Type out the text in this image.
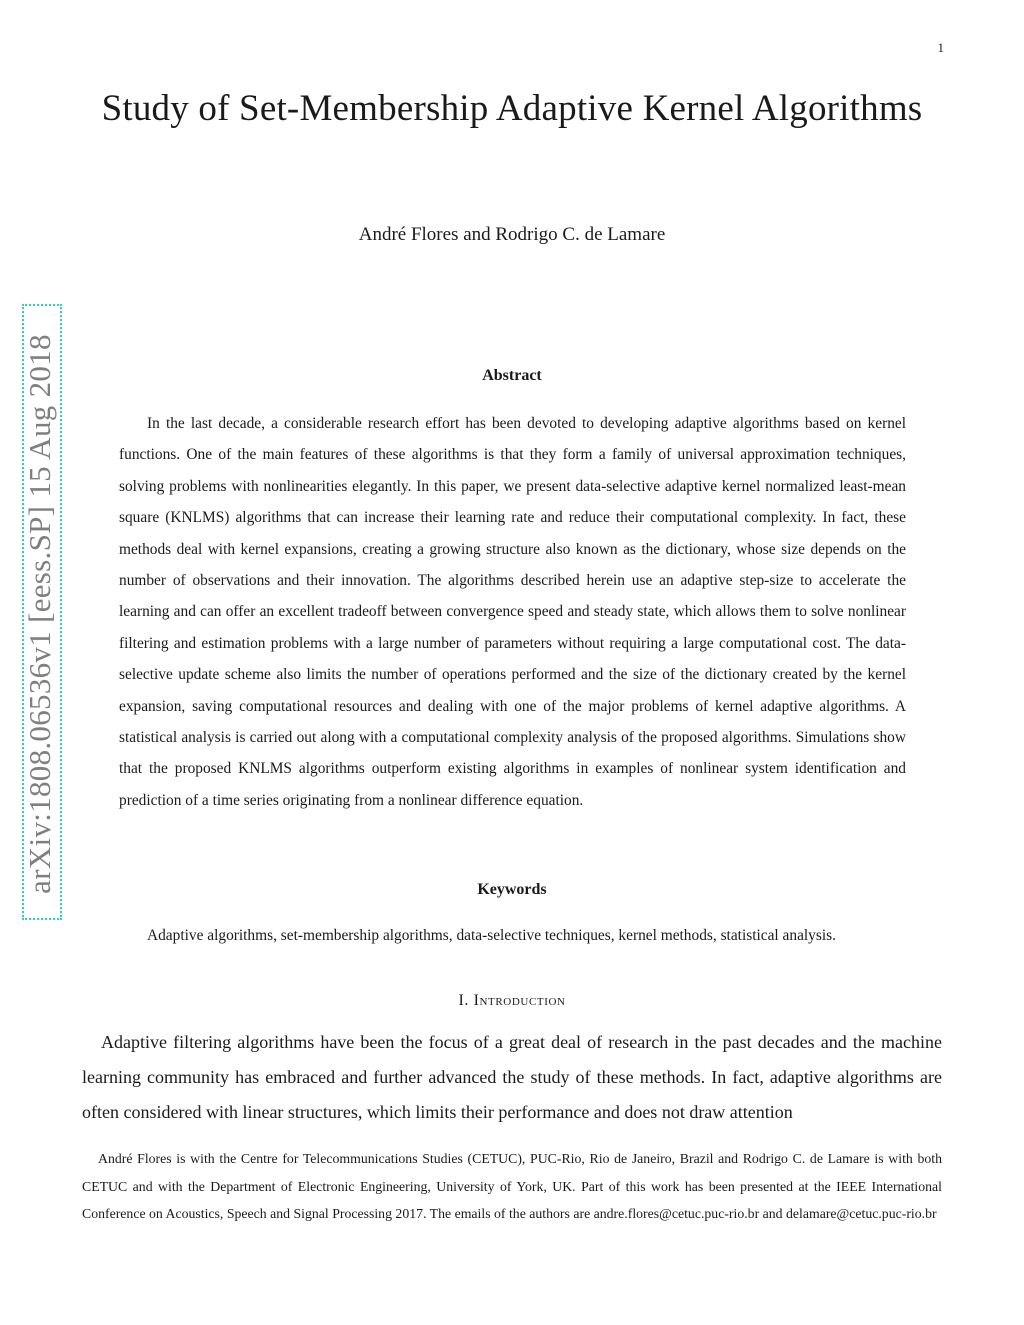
1
Study of Set-Membership Adaptive Kernel Algorithms
André Flores and Rodrigo C. de Lamare
arXiv:1808.06536v1 [eess.SP] 15 Aug 2018	Abstract

In the last decade, a considerable research effort has been devoted to developing adaptive algorithms based on kernel functions. One of the main features of these algorithms is that they form a family of universal approximation techniques, solving problems with nonlinearities elegantly. In this paper, we present data-selective adaptive kernel normalized least-mean square (KNLMS) algorithms that can increase their learning rate and reduce their computational complexity. In fact, these methods deal with kernel expansions, creating a growing structure also known as the dictionary, whose size depends on the number of observations and their innovation. The algorithms described herein use an adaptive step-size to accelerate the learning and can offer an excellent tradeoff between convergence speed and steady state, which allows them to solve nonlinear filtering and estimation problems with a large number of parameters without requiring a large computational cost. The data-selective update scheme also limits the number of operations performed and the size of the dictionary created by the kernel expansion, saving computational resources and dealing with one of the major problems of kernel adaptive algorithms. A statistical analysis is carried out along with a computational complexity analysis of the proposed algorithms. Simulations show that the proposed KNLMS algorithms outperform existing algorithms in examples of nonlinear system identification and prediction of a time series originating from a nonlinear difference equation.

Keywords

Adaptive algorithms, set-membership algorithms, data-selective techniques, kernel methods, statistical analysis.

I. Introduction

Adaptive filtering algorithms have been the focus of a great deal of research in the past decades and the machine learning community has embraced and further advanced the study of these methods. In fact, adaptive algorithms are often considered with linear structures, which limits their performance and does not draw attention

André Flores is with the Centre for Telecommunications Studies (CETUC), PUC-Rio, Rio de Janeiro, Brazil and Rodrigo C. de Lamare is with both CETUC and with the Department of Electronic Engineering, University of York, UK. Part of this work has been presented at the IEEE International Conference on Acoustics, Speech and Signal Processing 2017. The emails of the authors are andre.flores@cetuc.puc-rio.br and delamare@cetuc.puc-rio.br
